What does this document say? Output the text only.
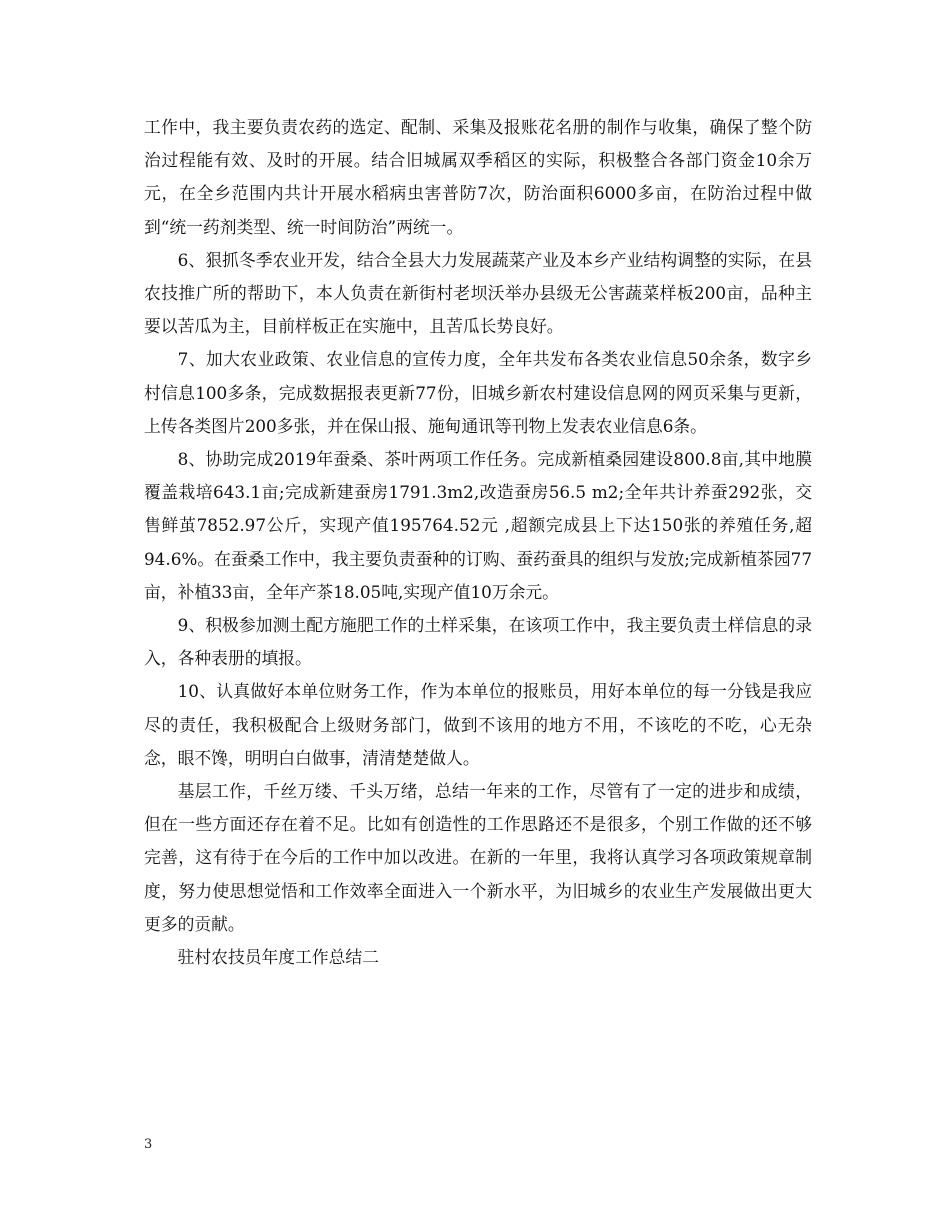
工作中，我主要负责农药的选定、配制、采集及报账花名册的制作与收集，确保了整个防治过程能有效、及时的开展。结合旧城属双季稻区的实际，积极整合各部门资金10余万元，在全乡范围内共计开展水稻病虫害普防7次，防治面积6000多亩，在防治过程中做到“统一药剂类型、统一时间防治”两统一。

6、狠抓冬季农业开发，结合全县大力发展蔬菜产业及本乡产业结构调整的实际，在县农技推广所的帮助下，本人负责在新街村老坝沃举办县级无公害蔬菜样板200亩，品种主要以苦瓜为主，目前样板正在实施中，且苦瓜长势良好。

7、加大农业政策、农业信息的宣传力度，全年共发布各类农业信息50余条，数字乡村信息100多条，完成数据报表更新77份，旧城乡新农村建设信息网的网页采集与更新，上传各类图片200多张，并在保山报、施甸通讯等刊物上发表农业信息6条。

8、协助完成2019年蚕桑、茶叶两项工作任务。完成新植桑园建设800.8亩,其中地膜覆盖栽培643.1亩;完成新建蚕房1791.3m2,改造蚕房56.5 m2;全年共计养蚕292张，交售鲜茧7852.97公斤，实现产值195764.52元 ,超额完成县上下达150张的养殖任务,超94.6%。在蚕桑工作中，我主要负责蚕种的订购、蚕药蚕具的组织与发放;完成新植茶园77亩，补植33亩，全年产茶18.05吨,实现产值10万余元。

9、积极参加测土配方施肥工作的土样采集，在该项工作中，我主要负责土样信息的录入，各种表册的填报。

10、认真做好本单位财务工作，作为本单位的报账员，用好本单位的每一分钱是我应尽的责任，我积极配合上级财务部门，做到不该用的地方不用，不该吃的不吃，心无杂念，眼不馋，明明白白做事，清清楚楚做人。

基层工作，千丝万缕、千头万绪，总结一年来的工作，尽管有了一定的进步和成绩，但在一些方面还存在着不足。比如有创造性的工作思路还不是很多，个别工作做的还不够完善，这有待于在今后的工作中加以改进。在新的一年里，我将认真学习各项政策规章制度，努力使思想觉悟和工作效率全面进入一个新水平，为旧城乡的农业生产发展做出更大更多的贡献。

驻村农技员年度工作总结二

3
